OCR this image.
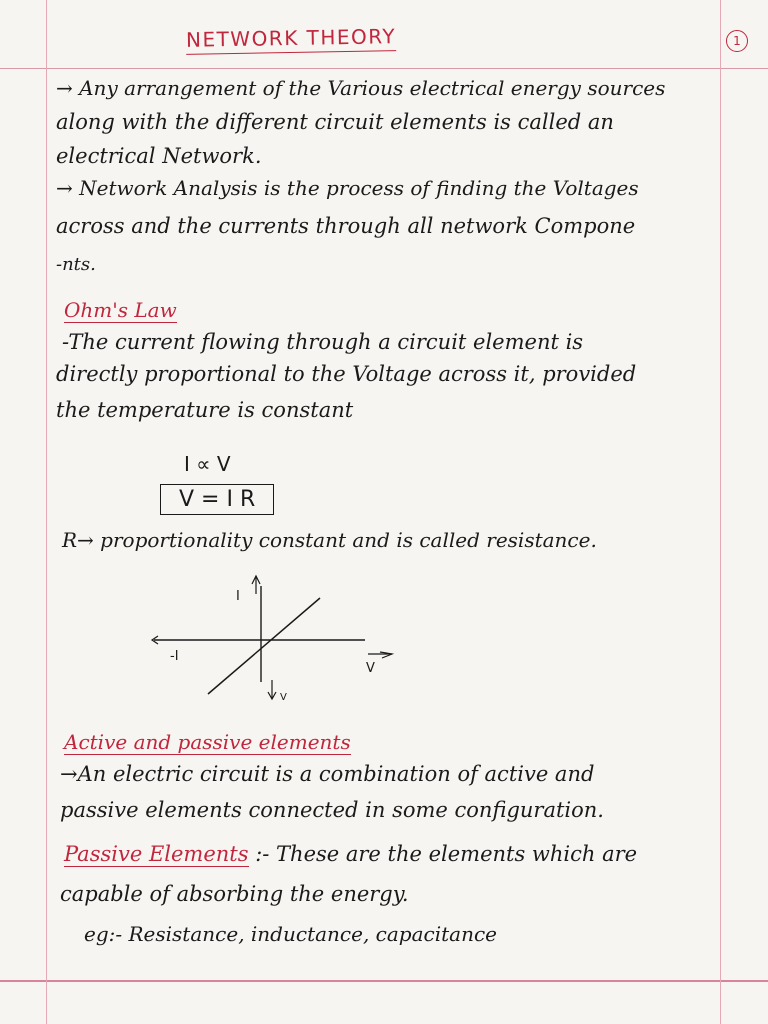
1
NETWORK THEORY
→ Any arrangement of the Various electrical energy sources
along with the different circuit elements is called an
electrical Network.
→ Network Analysis is the process of finding the Voltages
across and the currents through all network Compone
-nts.
Ohm's Law
-The current flowing through a circuit element is
directly proportional to the Voltage across it, provided
the temperature is constant
I ∝ V
V = I R
R→ proportionality constant and is called resistance.
I
-I
V
V
Active and passive elements
→An electric circuit is a combination of active and
passive elements connected in some configuration.
Passive Elements :- These are the elements which are
capable of absorbing the energy.
eg:- Resistance, inductance, capacitance
